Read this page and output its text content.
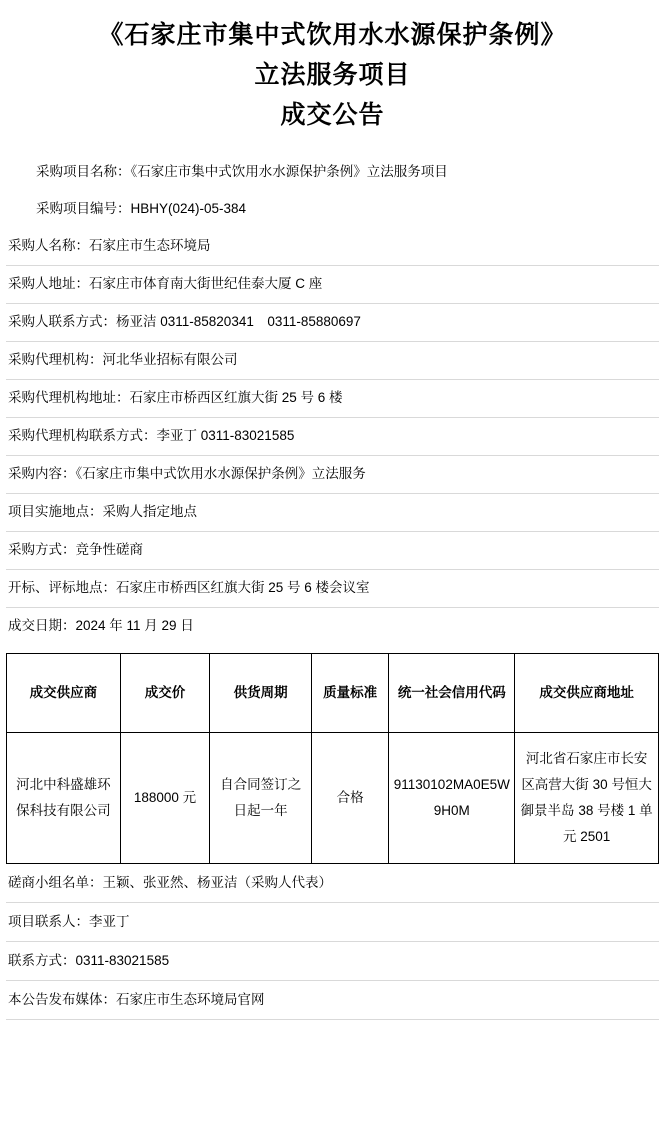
《石家庄市集中式饮用水水源保护条例》
立法服务项目
成交公告
采购项目名称：《石家庄市集中式饮用水水源保护条例》立法服务项目
采购项目编号：HBHY(024)-05-384
采购人名称：石家庄市生态环境局
采购人地址：石家庄市体育南大街世纪佳泰大厦 C 座
采购人联系方式：杨亚洁 0311-85820341　0311-85880697
采购代理机构：河北华业招标有限公司
采购代理机构地址：石家庄市桥西区红旗大街 25 号 6 楼
采购代理机构联系方式：李亚丁 0311-83021585
采购内容：《石家庄市集中式饮用水水源保护条例》立法服务
项目实施地点：采购人指定地点
采购方式：竞争性磋商
开标、评标地点：石家庄市桥西区红旗大街 25 号 6 楼会议室
成交日期：2024 年 11 月 29 日
成交供应商	成交价	供货周期	质量标准	统一社会信用代码	成交供应商地址
河北中科盛雄环保科技有限公司	188000 元	自合同签订之日起一年	合格	91130102MA0E5W9H0M	河北省石家庄市长安区高营大街 30 号恒大御景半岛 38 号楼 1 单元 2501
磋商小组名单：王颖、张亚然、杨亚洁（采购人代表）
项目联系人：李亚丁
联系方式：0311-83021585
本公告发布媒体：石家庄市生态环境局官网
